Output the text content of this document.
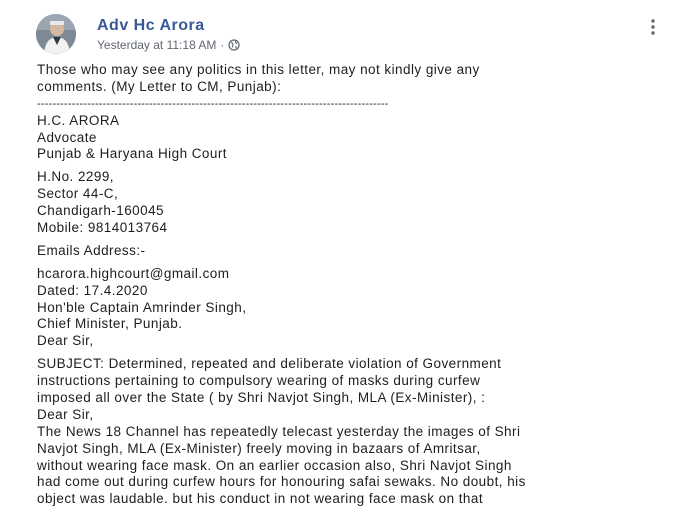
Adv Hc Arora
Yesterday at 11:18 AM ·
Those who may see any politics in this letter, may not kindly give any
comments. (My Letter to CM, Punjab):
-------------------------------------------------------------------------------------------
H.C. ARORA
Advocate
Punjab & Haryana High Court
H.No. 2299,
Sector 44-C,
Chandigarh-160045
Mobile: 9814013764
Emails Address:-
hcarora.highcourt@gmail.com
Dated: 17.4.2020
Hon'ble Captain Amrinder Singh,
Chief Minister, Punjab.
Dear Sir,
SUBJECT: Determined, repeated and deliberate violation of Government
instructions pertaining to compulsory wearing of masks during curfew
imposed all over the State ( by Shri Navjot Singh, MLA (Ex-Minister), :
Dear Sir,
The News 18 Channel has repeatedly telecast yesterday the images of Shri
Navjot Singh, MLA (Ex-Minister) freely moving in bazaars of Amritsar,
without wearing face mask. On an earlier occasion also, Shri Navjot Singh
had come out during curfew hours for honouring safai sewaks. No doubt, his
object was laudable. but his conduct in not wearing face mask on that
